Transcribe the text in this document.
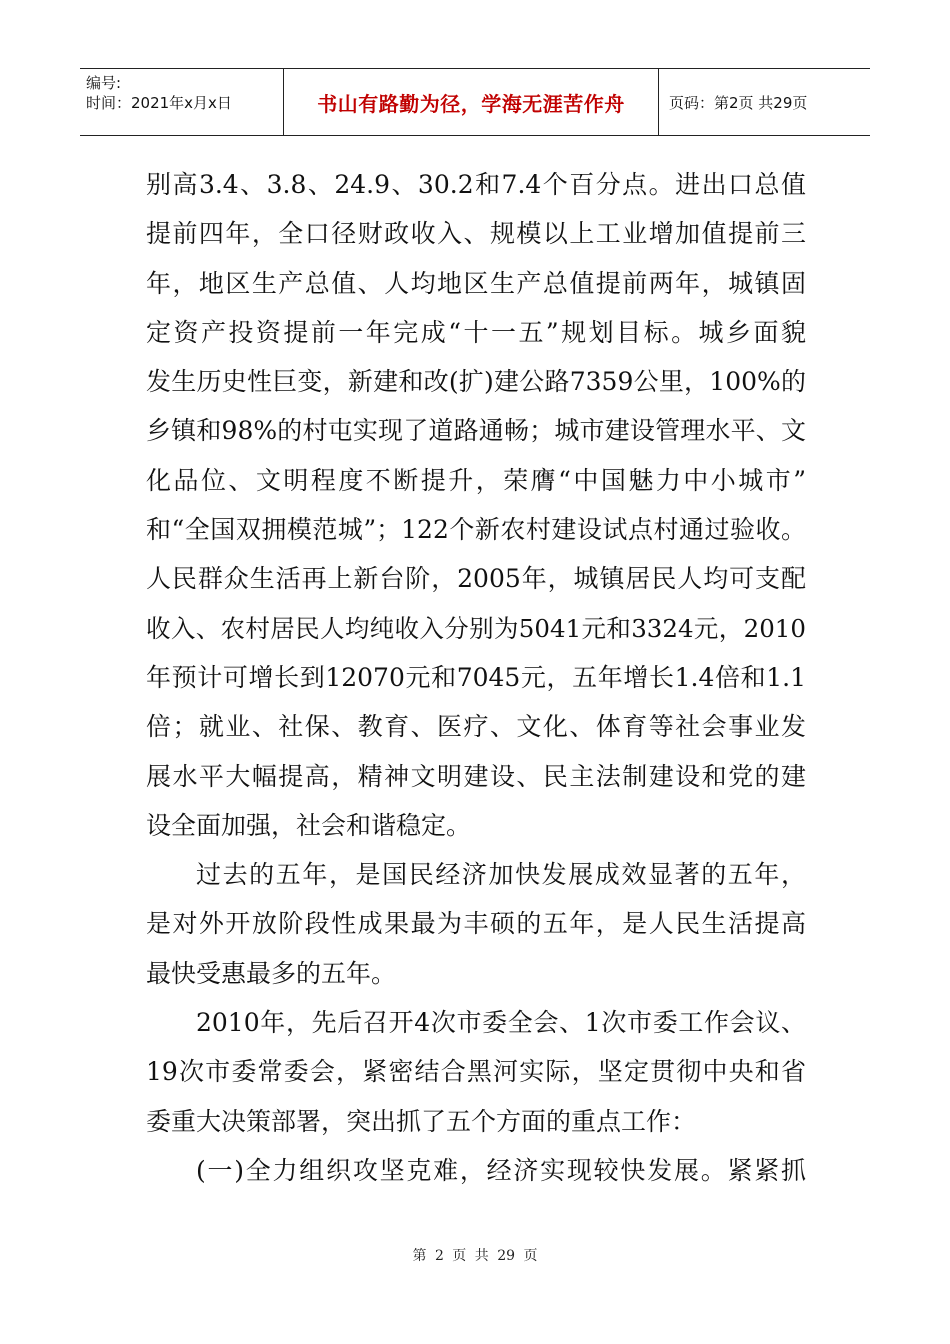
编号:
时间：2021年x月x日	书山有路勤为径，学海无涯苦作舟	页码：第2页 共29页
别高3.4、3.8、24.9、30.2和7.4个百分点。进出口总值
提前四年，全口径财政收入、规模以上工业增加值提前三
年，地区生产总值、人均地区生产总值提前两年，城镇固
定资产投资提前一年完成“十一五”规划目标。城乡面貌
发生历史性巨变，新建和改(扩)建公路7359公里，100%的
乡镇和98%的村屯实现了道路通畅；城市建设管理水平、文
化品位、文明程度不断提升，荣膺“中国魅力中小城市”
和“全国双拥模范城”；122个新农村建设试点村通过验收。
人民群众生活再上新台阶，2005年，城镇居民人均可支配
收入、农村居民人均纯收入分别为5041元和3324元，2010
年预计可增长到12070元和7045元，五年增长1.4倍和1.1
倍；就业、社保、教育、医疗、文化、体育等社会事业发
展水平大幅提高，精神文明建设、民主法制建设和党的建
设全面加强，社会和谐稳定。
过去的五年，是国民经济加快发展成效显著的五年，
是对外开放阶段性成果最为丰硕的五年，是人民生活提高
最快受惠最多的五年。
2010年，先后召开4次市委全会、1次市委工作会议、
19次市委常委会，紧密结合黑河实际，坚定贯彻中央和省
委重大决策部署，突出抓了五个方面的重点工作：
(一)全力组织攻坚克难，经济实现较快发展。紧紧抓
第 2 页 共 29 页
